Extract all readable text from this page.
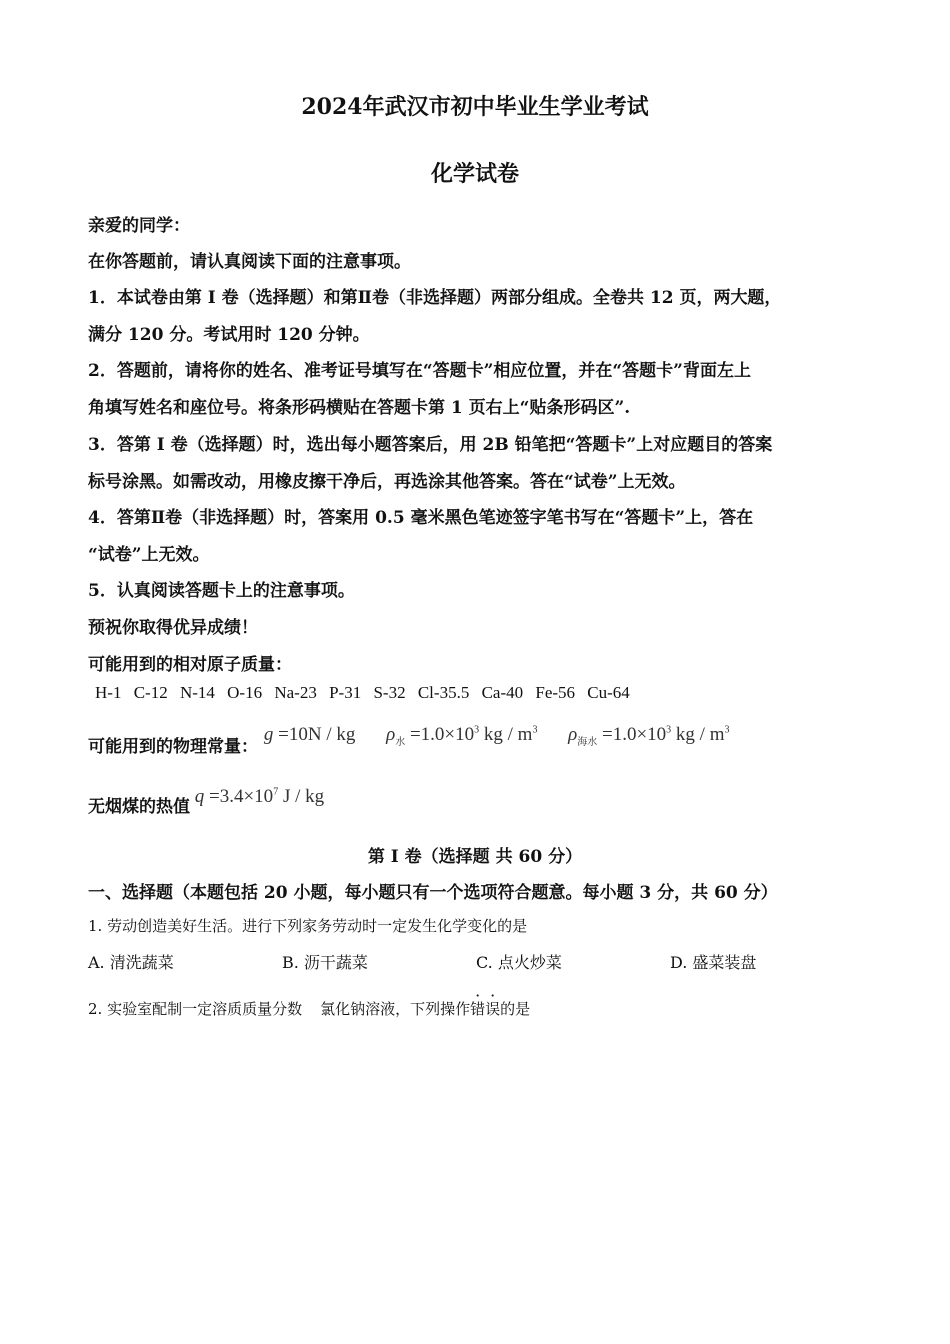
2024年武汉市初中毕业生学业考试
化学试卷
亲爱的同学：
在你答题前，请认真阅读下面的注意事项。
1．本试卷由第 I 卷（选择题）和第Ⅱ卷（非选择题）两部分组成。全卷共 12 页，两大题，
满分 120 分。考试用时 120 分钟。
2．答题前，请将你的姓名、准考证号填写在“答题卡”相应位置，并在“答题卡”背面左上
角填写姓名和座位号。将条形码横贴在答题卡第 1 页右上“贴条形码区”.
3．答第 I 卷（选择题）时，选出每小题答案后，用 2B 铅笔把“答题卡”上对应题目的答案
标号涂黑。如需改动，用橡皮擦干净后，再选涂其他答案。答在“试卷”上无效。
4．答第Ⅱ卷（非选择题）时，答案用 0.5 毫米黑色笔迹签字笔书写在“答题卡”上，答在
“试卷”上无效。
5．认真阅读答题卡上的注意事项。
预祝你取得优异成绩！
可能用到的相对原子质量：
H-1 C-12 N-14 O-16 Na-23 P-31 S-32 Cl-35.5 Ca-40 Fe-56 Cu-64
可能用到的物理常量： g =10N / kg $\rho_水 =1.0\times 10^3$ kg / $m^3$ $\rho_{海水} =1.0\times 10^3$ kg / $m^3$
无烟煤的热值 $q =3.4\times 10^7$ J / kg
第 I 卷（选择题 共 60 分）
一、选择题（本题包括 20 小题，每小题只有一个选项符合题意。每小题 3 分，共 60 分）
1. 劳动创造美好生活。进行下列家务劳动时一定发生化学变化的是
A. 清洗蔬菜	B. 沥干蔬菜	C. 点火炒菜	D. 盛菜装盘
2. 实验室配制一定溶质质量分数 氯化钠溶液，下列操作错误的是
